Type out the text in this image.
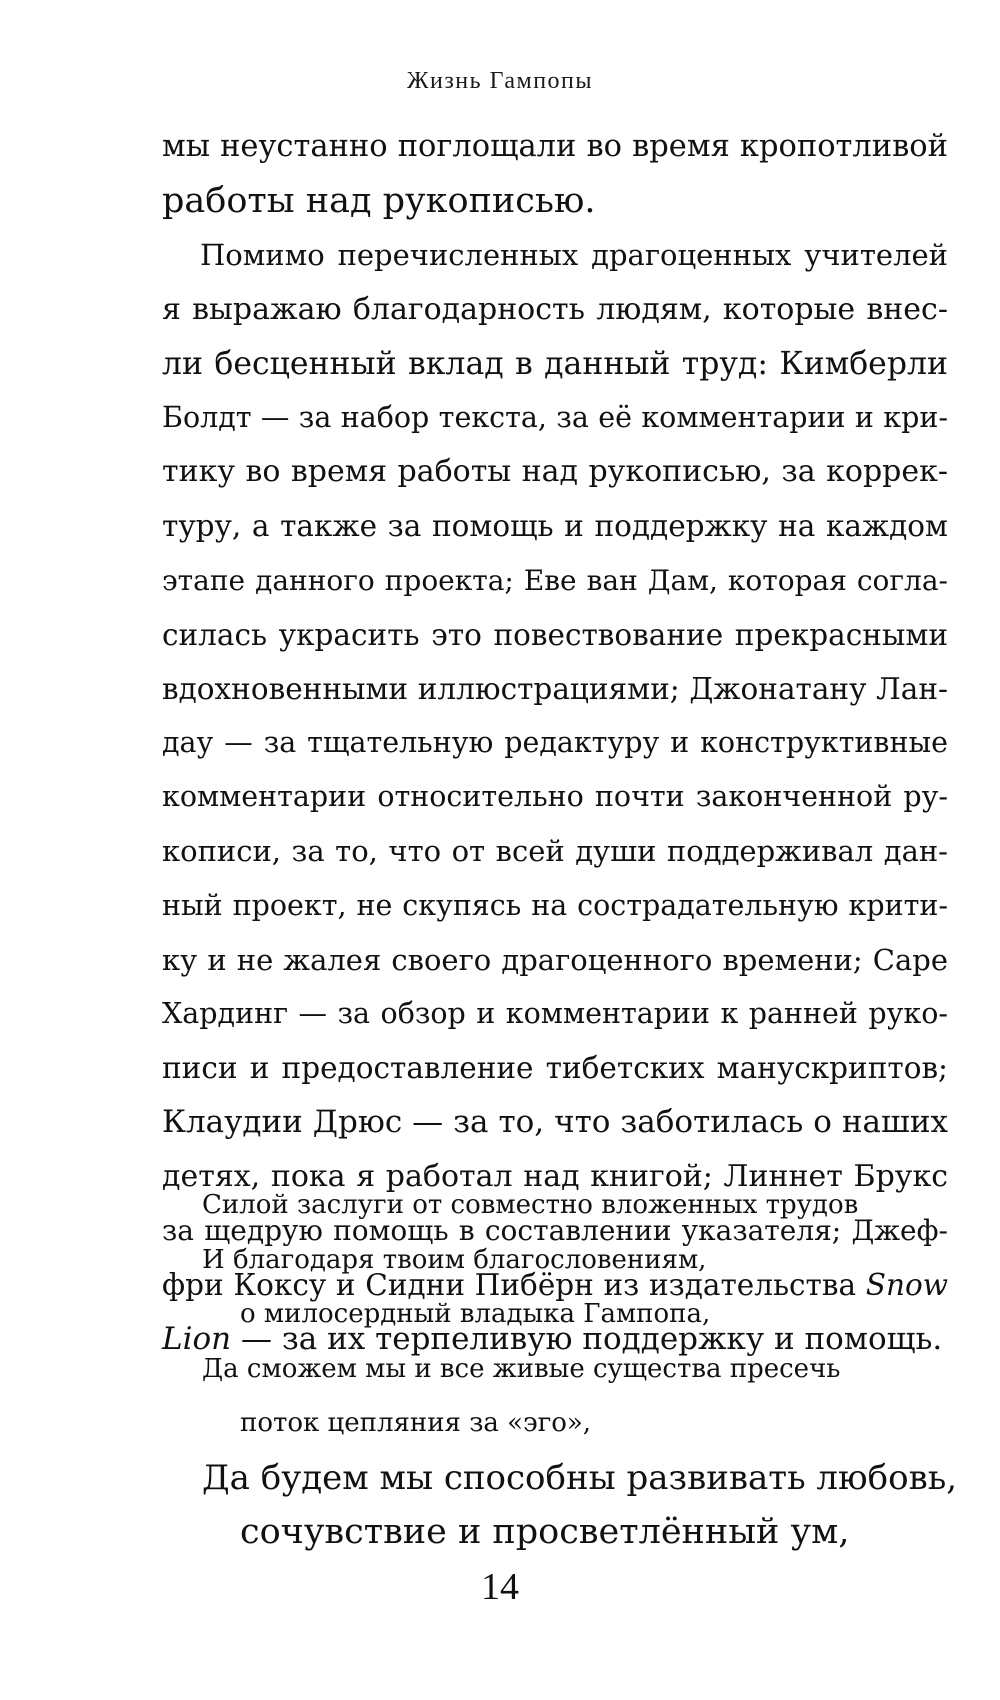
Жизнь Гампопы
мы неустанно поглощали во время кропотливой
работы над рукописью.
Помимо перечисленных драгоценных учителей
я выражаю благодарность людям, которые внес-
ли бесценный вклад в данный труд: Кимберли
Болдт — за набор текста, за её комментарии и кри-
тику во время работы над рукописью, за коррек-
туру, а также за помощь и поддержку на каждом
этапе данного проекта; Еве ван Дам, которая согла-
силась украсить это повествование прекрасными
вдохновенными иллюстрациями; Джонатану Лан-
дау — за тщательную редактуру и конструктивные
комментарии относительно почти законченной ру-
кописи, за то, что от всей души поддерживал дан-
ный проект, не скупясь на сострадательную крити-
ку и не жалея своего драгоценного времени; Саре
Хардинг — за обзор и комментарии к ранней руко-
писи и предоставление тибетских манускриптов;
Клаудии Дрюс — за то, что заботилась о наших
детях, пока я работал над книгой; Линнет Брукс
за щедрую помощь в составлении указателя; Джеф-
фри Коксу и Сидни Пибёрн из издательства Snow
Lion — за их терпеливую поддержку и помощь.
Силой заслуги от совместно вложенных трудов
И благодаря твоим благословениям,
о милосердный владыка Гампопа,
Да сможем мы и все живые существа пресечь
поток цепляния за «эго»,
Да будем мы способны развивать любовь,
сочувствие и просветлённый ум,
14
